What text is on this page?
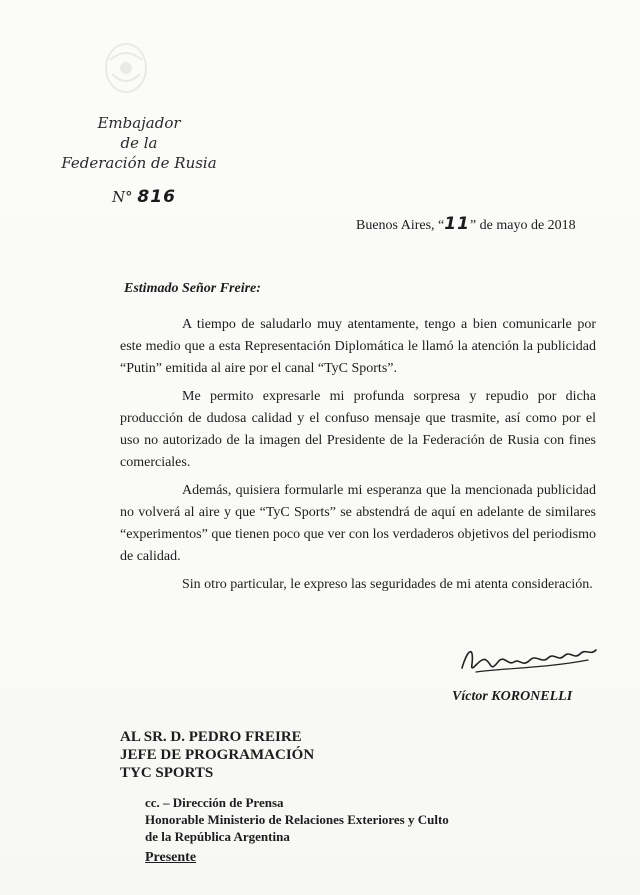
Embajador
de la
Federación de Rusia
N° 816
Buenos Aires, “11” de mayo de 2018
Estimado Señor Freire:

A tiempo de saludarlo muy atentamente, tengo a bien comunicarle por este medio que a esta Representación Diplomática le llamó la atención la publicidad “Putin” emitida al aire por el canal “TyC Sports”.

Me permito expresarle mi profunda sorpresa y repudio por dicha producción de dudosa calidad y el confuso mensaje que trasmite, así como por el uso no autorizado de la imagen del Presidente de la Federación de Rusia con fines comerciales.

Además, quisiera formularle mi esperanza que la mencionada publicidad no volverá al aire y que “TyC Sports” se abstendrá de aquí en adelante de similares “experimentos” que tienen poco que ver con los verdaderos objetivos del periodismo de calidad.

Sin otro particular, le expreso las seguridades de mi atenta consideración.

Víctor KORONELLI
AL SR. D. PEDRO FREIRE
JEFE DE PROGRAMACIÓN
TYC SPORTS
cc. – Dirección de Prensa
Honorable Ministerio de Relaciones Exteriores y Culto
de la República Argentina
Presente
